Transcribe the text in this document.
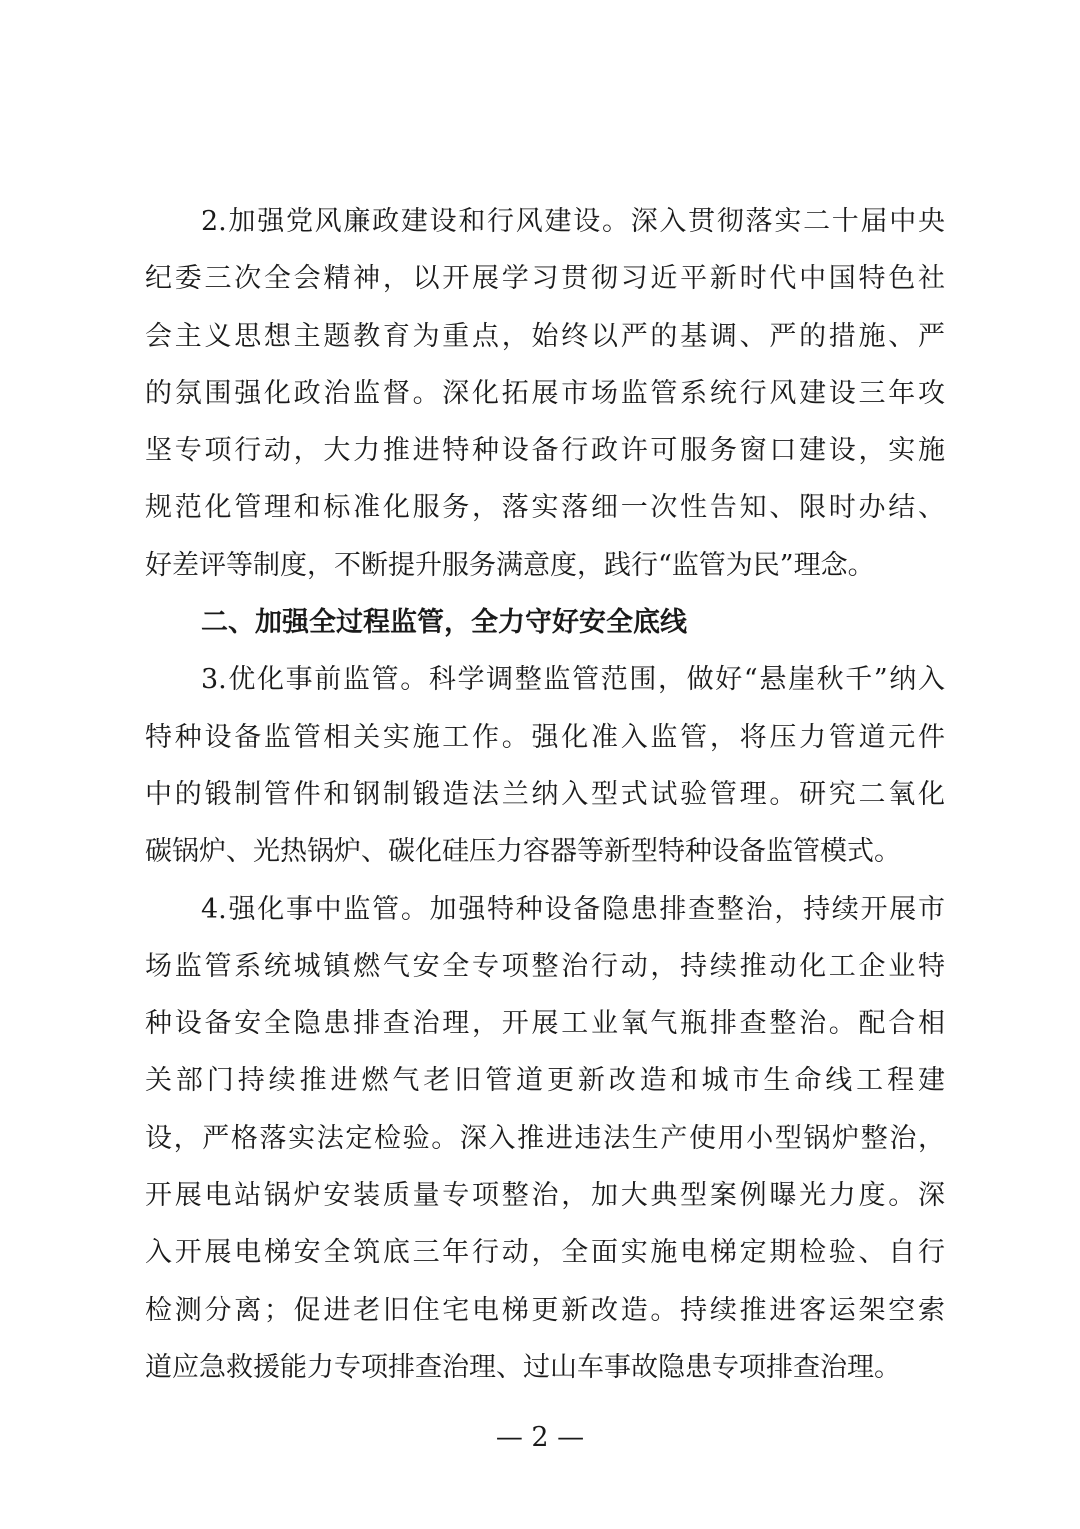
2.加强党风廉政建设和行风建设。深入贯彻落实二十届中央
纪委三次全会精神，以开展学习贯彻习近平新时代中国特色社
会主义思想主题教育为重点，始终以严的基调、严的措施、严
的氛围强化政治监督。深化拓展市场监管系统行风建设三年攻
坚专项行动，大力推进特种设备行政许可服务窗口建设，实施
规范化管理和标准化服务，落实落细一次性告知、限时办结、
好差评等制度，不断提升服务满意度，践行“监管为民”理念。
二、加强全过程监管，全力守好安全底线
3.优化事前监管。科学调整监管范围，做好“悬崖秋千”纳入
特种设备监管相关实施工作。强化准入监管，将压力管道元件
中的锻制管件和钢制锻造法兰纳入型式试验管理。研究二氧化
碳锅炉、光热锅炉、碳化硅压力容器等新型特种设备监管模式。
4.强化事中监管。加强特种设备隐患排查整治，持续开展市
场监管系统城镇燃气安全专项整治行动，持续推动化工企业特
种设备安全隐患排查治理，开展工业氧气瓶排查整治。配合相
关部门持续推进燃气老旧管道更新改造和城市生命线工程建
设，严格落实法定检验。深入推进违法生产使用小型锅炉整治，
开展电站锅炉安装质量专项整治，加大典型案例曝光力度。深
入开展电梯安全筑底三年行动，全面实施电梯定期检验、自行
检测分离；促进老旧住宅电梯更新改造。持续推进客运架空索
道应急救援能力专项排查治理、过山车事故隐患专项排查治理。
— 2 —
